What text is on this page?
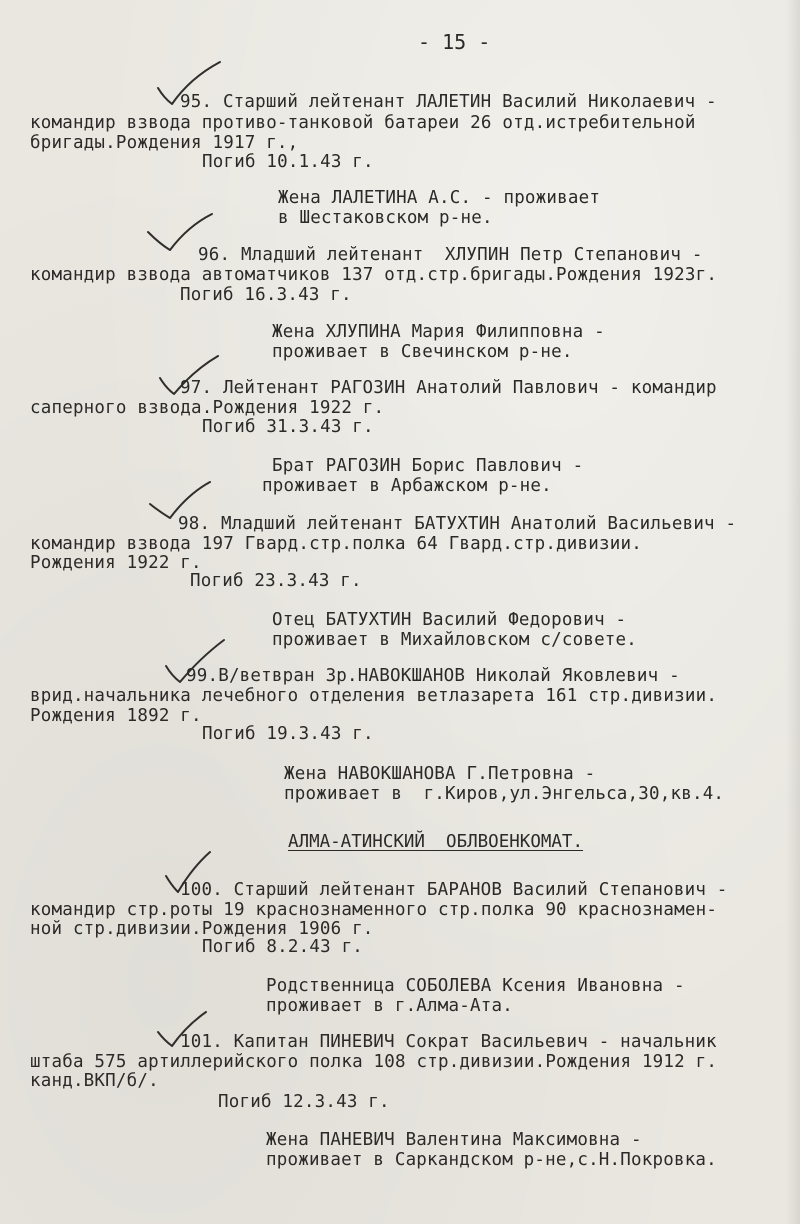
- 15 -
95. Старший лейтенант ЛАЛЕТИН Василий Николаевич -
командир взвода противо-танковой батареи 26 отд.истребительной
бригады.Рождения 1917 г.,
Погиб 10.1.43 г.
Жена ЛАЛЕТИНА А.С. - проживает
в Шестаковском р-не.
96. Младший лейтенант  ХЛУПИН Петр Степанович -
командир взвода автоматчиков 137 отд.стр.бригады.Рождения 1923г.
Погиб 16.3.43 г.
Жена ХЛУПИНА Мария Филипповна -
проживает в Свечинском р-не.
97. Лейтенант РАГОЗИН Анатолий Павлович - командир
саперного взвода.Рождения 1922 г.
Погиб 31.3.43 г.
Брат РАГОЗИН Борис Павлович -
проживает в Арбажском р-не.
98. Младший лейтенант БАТУХТИН Анатолий Васильевич -
командир взвода 197 Гвард.стр.полка 64 Гвард.стр.дивизии.
Рождения 1922 г.
Погиб 23.3.43 г.
Отец БАТУХТИН Василий Федорович -
проживает в Михайловском с/совете.
99.В/ветвран 3р.НАВОКШАНОВ Николай Яковлевич -
врид.начальника лечебного отделения ветлазарета 161 стр.дивизии.
Рождения 1892 г.
Погиб 19.3.43 г.
Жена НАВОКШАНОВА Г.Петровна -
проживает в  г.Киров,ул.Энгельса,30,кв.4.
АЛМА-АТИНСКИЙ  ОБЛВОЕНКОМАТ.
100. Старший лейтенант БАРАНОВ Василий Степанович -
командир стр.роты 19 краснознаменного стр.полка 90 краснознамен-
ной стр.дивизии.Рождения 1906 г.
Погиб 8.2.43 г.
Родственница СОБОЛЕВА Ксения Ивановна -
проживает в г.Алма-Ата.
101. Капитан ПИНЕВИЧ Сократ Васильевич - начальник
штаба 575 артиллерийского полка 108 стр.дивизии.Рождения 1912 г.
канд.ВКП/б/.
Погиб 12.3.43 г.
Жена ПАНЕВИЧ Валентина Максимовна -
проживает в Саркандском р-не,с.Н.Покровка.
